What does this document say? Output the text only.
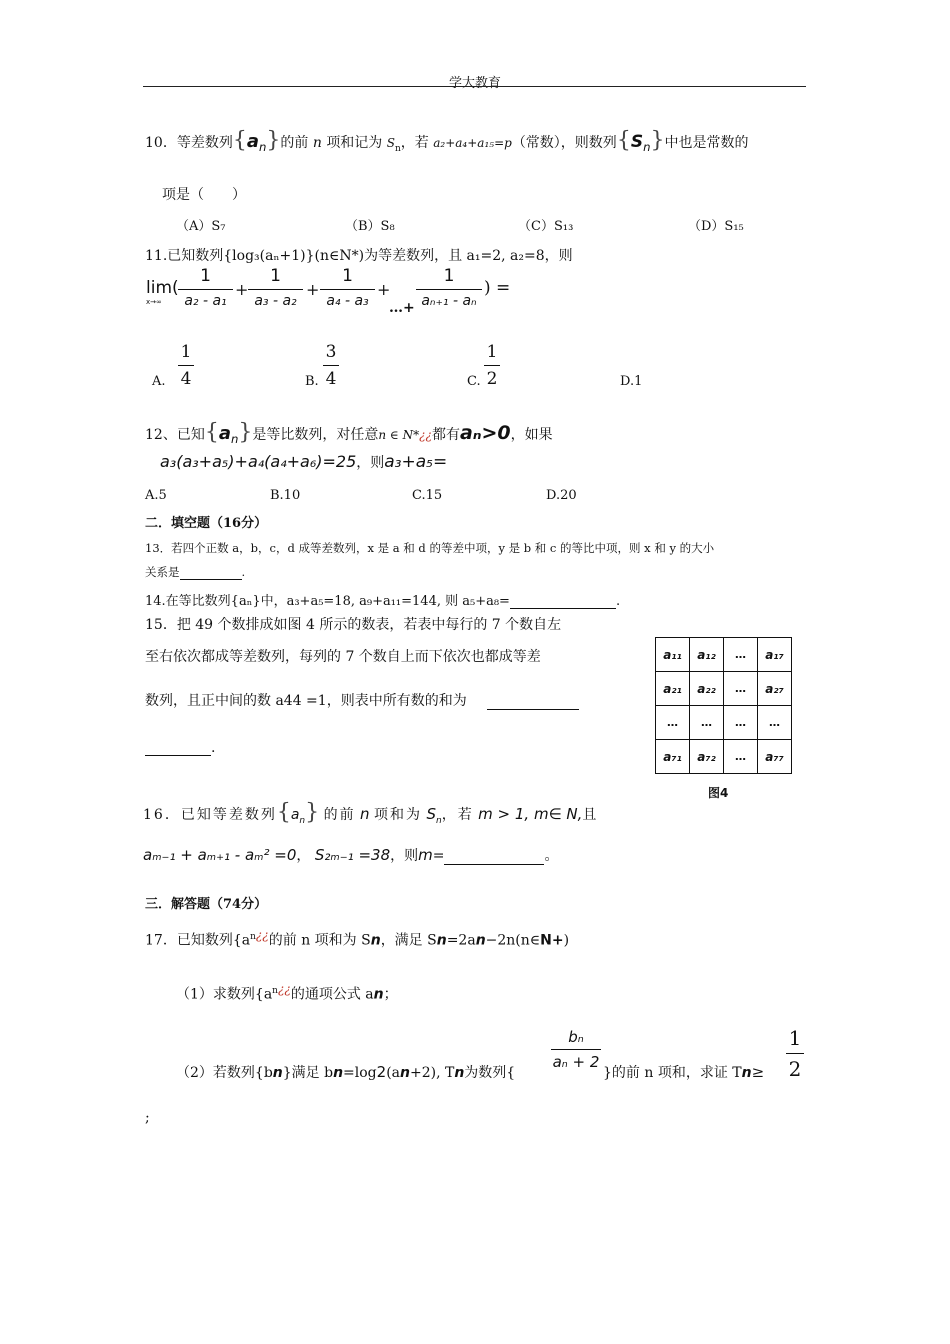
学大教育
10．等差数列$\{a_n\}$的前 n 项和记为 $S_n$，若 a₂+a₄+a₁₅=p（常数），则数列$\{S_n\}$中也是常数的
项是（　　）
（A）S₇	（B）S₈	（C）S₁₃	（D）S₁₅
11.已知数列{log₃(aₙ+1)}(n∈N*)为等差数列，且 a₁=2, a₂=8，则
lim(
x→∞
1
a₂ - a₁
+
1
a₃ - a₂
+
1
a₄ - a₃
+
…+
1
aₙ₊₁ - aₙ
) =
A. $\frac{1}{4}$	B. $\frac{3}{4}$	C. $\frac{1}{2}$	D.1
12、已知$\{a_n\}$是等比数列，对任意n ∈ N*¿¿都有aₙ>0，如果
a₃(a₃+a₅)+a₄(a₄+a₆)=25，则a₃+a₅=
A.5	B.10	C.15	D.20
二．填空题（16分）
13．若四个正数 a，b，c，d 成等差数列，x 是 a 和 d 的等差中项，y 是 b 和 c 的等比中项，则 x 和 y 的大小
关系是	.
14.在等比数列{aₙ}中，a₃+a₅=18, a₉+a₁₁=144, 则 a₅+a₈=	.
15．把 49 个数排成如图 4 所示的数表，若表中每行的 7 个数自左
至右依次都成等差数列，每列的 7 个数自上而下依次也都成等差
数列，且正中间的数 a44 =1，则表中所有数的和为
.
a₁₁	a₁₂	…	a₁₇
a₂₁	a₂₂	…	a₂₇
…	…	…	…
a₇₁	a₇₂	…	a₇₇
图4
16．已知等差数列$\{a_n\}$ 的前 n 项和为 $S_n$，若 m > 1, m∈ N,且
aₘ₋₁ + aₘ₊₁ - aₘ² =0， S₂ₘ₋₁ =38，则m=	。
三．解答题（74分）
17．已知数列{$a^{n¿¿}$的前 n 项和为 Sn，满足 Sn=2an−2n(n∈N+)
（1）求数列{$a^{n¿¿}$的通项公式 an；
（2）若数列{bn}满足 bn=log2(an+2), Tn为数列{
$\frac{\text{bₙ}}{\text{aₙ + 2}}$
}的前 n 项和，求证 $Tn\ge \frac{1}{2}$
;
